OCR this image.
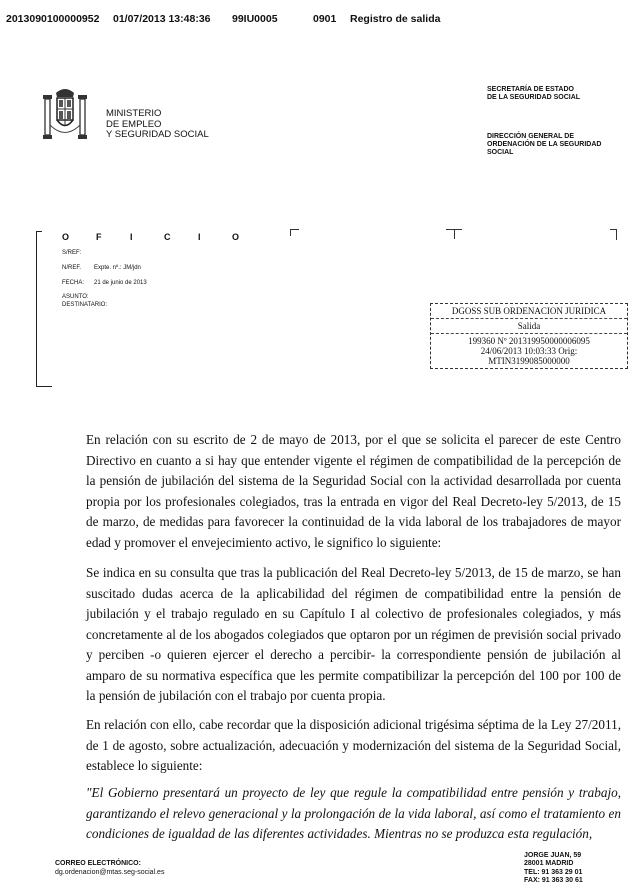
2013090100000952 01/07/2013 13:48:36 99IU0005	0901 Registro de salida
MINISTERIO
DE EMPLEO
Y SEGURIDAD SOCIAL
SECRETARÍA DE ESTADO
DE LA SEGURIDAD SOCIAL
DIRECCIÓN GENERAL DE
ORDENACIÓN DE LA SEGURIDAD
SOCIAL
O	F	I	C	I	O
S/REF:
N/REF. Expte. nº.: JM/jdn
FECHA: 21 de junio de 2013
ASUNTO:
DESTINATARIO:
DGOSS SUB ORDENACION JURIDICA
Salida
199360 Nº 201319950000006095
24/06/2013 10:03:33 Orig:
MTIN3199085000000
En relación con su escrito de 2 de mayo de 2013, por el que se solicita el parecer de este Centro Directivo en cuanto a si hay que entender vigente el régimen de compatibilidad de la percepción de la pensión de jubilación del sistema de la Seguridad Social con la actividad desarrollada por cuenta propia por los profesionales colegiados, tras la entrada en vigor del Real Decreto-ley 5/2013, de 15 de marzo, de medidas para favorecer la continuidad de la vida laboral de los trabajadores de mayor edad y promover el envejecimiento activo, le significo lo siguiente:
Se indica en su consulta que tras la publicación del Real Decreto-ley 5/2013, de 15 de marzo, se han suscitado dudas acerca de la aplicabilidad del régimen de compatibilidad entre la pensión de jubilación y el trabajo regulado en su Capítulo I al colectivo de profesionales colegiados, y más concretamente al de los abogados colegiados que optaron por un régimen de previsión social privado y perciben -o quieren ejercer el derecho a percibir- la correspondiente pensión de jubilación al amparo de su normativa específica que les permite compatibilizar la percepción del 100 por 100 de la pensión de jubilación con el trabajo por cuenta propia.
En relación con ello, cabe recordar que la disposición adicional trigésima séptima de la Ley 27/2011, de 1 de agosto, sobre actualización, adecuación y modernización del sistema de la Seguridad Social, establece lo siguiente:
"El Gobierno presentará un proyecto de ley que regule la compatibilidad entre pensión y trabajo, garantizando el relevo generacional y la prolongación de la vida laboral, así como el tratamiento en condiciones de igualdad de las diferentes actividades. Mientras no se produzca esta regulación,
CORREO ELECTRÓNICO:
dg.ordenacion@mtas.seg-social.es
JORGE JUAN, 59
28001 MADRID
TEL: 91 363 29 01
FAX: 91 363 30 61
